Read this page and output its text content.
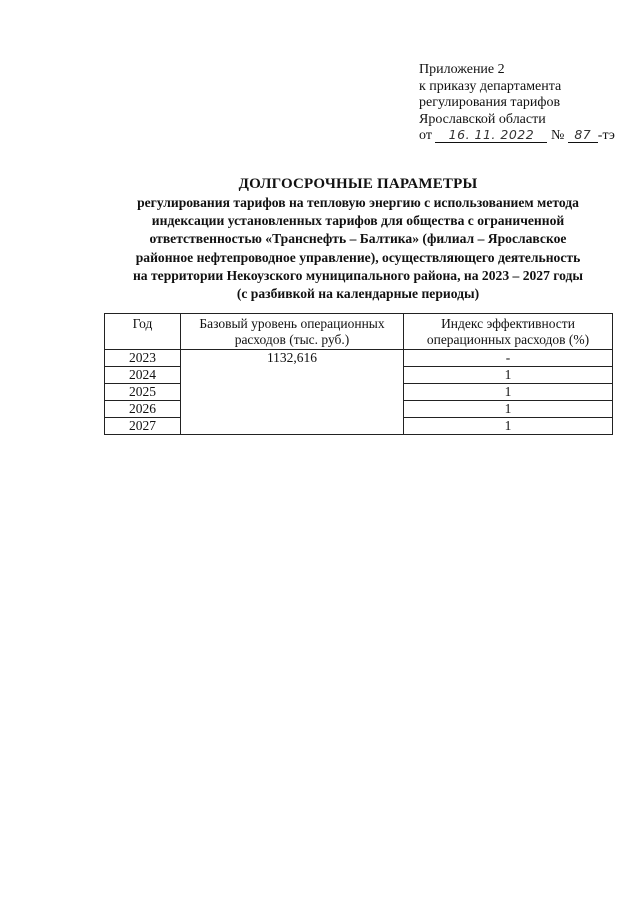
Приложение 2
к приказу департамента
регулирования тарифов
Ярославской области
от 16. 11. 2022 № 87 -тэ
ДОЛГОСРОЧНЫЕ ПАРАМЕТРЫ
регулирования тарифов на тепловую энергию с использованием метода
индексации установленных тарифов для общества с ограниченной
ответственностью «Транснефть – Балтика» (филиал – Ярославское
районное нефтепроводное управление), осуществляющего деятельность
на территории Некоузского муниципального района, на 2023 – 2027 годы
(с разбивкой на календарные периоды)
Год	Базовый уровень операционных расходов (тыс. руб.)	Индекс эффективности операционных расходов (%)
2023	1132,616	-
2024		1
2025		1
2026		1
2027		1
